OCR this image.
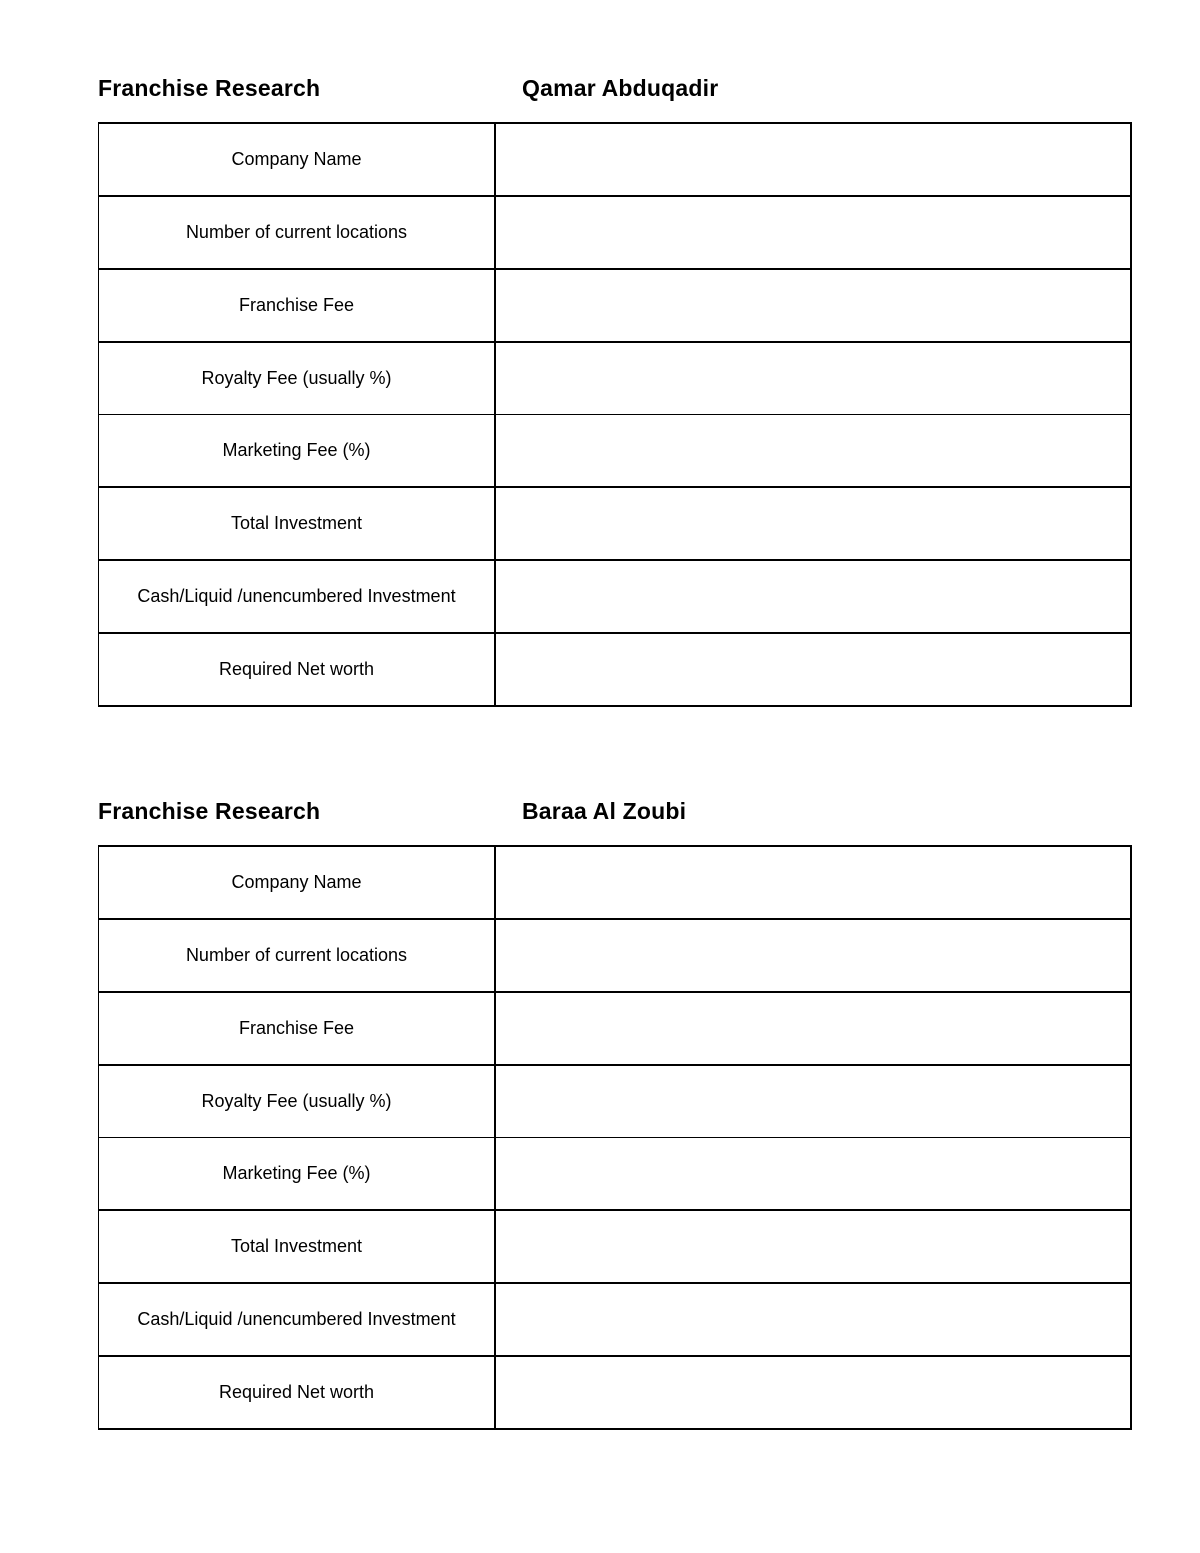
Franchise Research	Qamar Abduqadir
Company Name	
Number of current locations	
Franchise Fee	
Royalty Fee (usually %)	
Marketing Fee (%)	
Total Investment	
Cash/Liquid /unencumbered Investment	
Required Net worth	
Franchise Research	Baraa Al Zoubi
Company Name	
Number of current locations	
Franchise Fee	
Royalty Fee (usually %)	
Marketing Fee (%)	
Total Investment	
Cash/Liquid /unencumbered Investment	
Required Net worth	
